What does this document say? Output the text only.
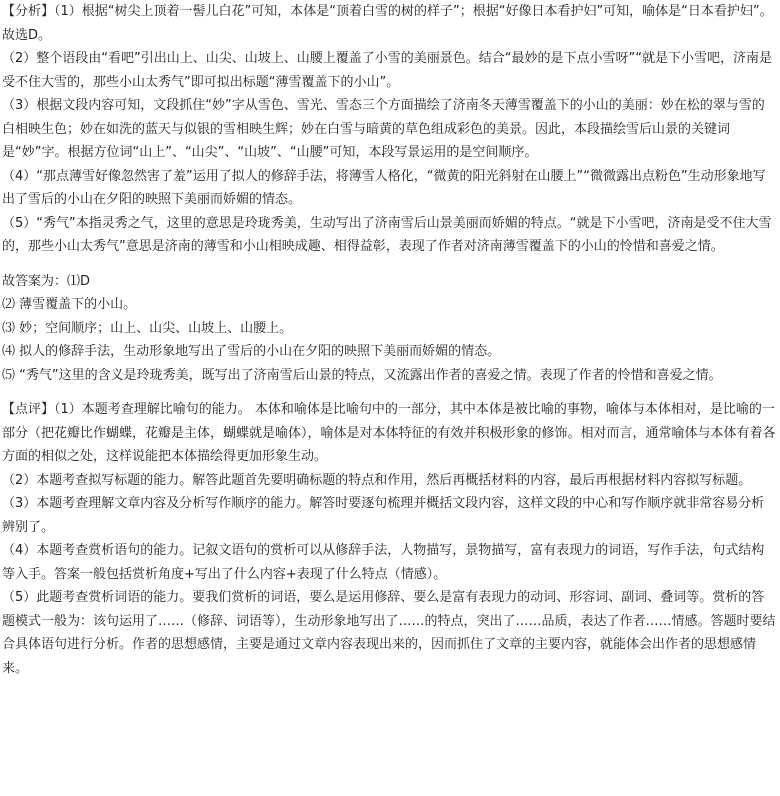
【分析】（1）根据“树尖上顶着一髻儿白花”可知，本体是“顶着白雪的树的样子”；根据“好像日本看护妇”可知，喻体是“日本看护妇”。故选D。

（2）整个语段由“看吧”引出山上、山尖、山坡上、山腰上覆盖了小雪的美丽景色。结合“最妙的是下点小雪呀”“就是下小雪吧，济南是受不住大雪的，那些小山太秀气”即可拟出标题“薄雪覆盖下的小山”。

（3）根据文段内容可知，文段抓住“妙”字从雪色、雪光、雪态三个方面描绘了济南冬天薄雪覆盖下的小山的美丽：妙在松的翠与雪的白相映生色；妙在如洗的蓝天与似银的雪相映生辉；妙在白雪与暗黄的草色组成彩色的美景。因此，本段描绘雪后山景的关键词是“妙”字。根据方位词“山上”、“山尖”、“山坡”、“山腰”可知，本段写景运用的是空间顺序。

（4）“那点薄雪好像忽然害了羞”运用了拟人的修辞手法，将薄雪人格化，“微黄的阳光斜射在山腰上”“微微露出点粉色”生动形象地写出了雪后的小山在夕阳的映照下美丽而娇媚的情态。

（5）“秀气”本指灵秀之气，这里的意思是玲珑秀美，生动写出了济南雪后山景美丽而娇媚的特点。“就是下小雪吧，济南是受不住大雪的，那些小山太秀气”意思是济南的薄雪和小山相映成趣、相得益彰，表现了作者对济南薄雪覆盖下的小山的怜惜和喜爱之情。

故答案为：⑴D

⑵ 薄雪覆盖下的小山。

⑶ 妙；空间顺序；山上、山尖、山坡上、山腰上。

⑷ 拟人的修辞手法，生动形象地写出了雪后的小山在夕阳的映照下美丽而娇媚的情态。

⑸ “秀气”这里的含义是玲珑秀美，既写出了济南雪后山景的特点，又流露出作者的喜爱之情。表现了作者的怜惜和喜爱之情。

【点评】（1）本题考查理解比喻句的能力。 本体和喻体是比喻句中的一部分，其中本体是被比喻的事物，喻体与本体相对，是比喻的一部分（把花瓣比作蝴蝶，花瓣是主体，蝴蝶就是喻体），喻体是对本体特征的有效并积极形象的修饰。相对而言，通常喻体与本体有着各方面的相似之处，这样说能把本体描绘得更加形象生动。

（2）本题考查拟写标题的能力。解答此题首先要明确标题的特点和作用，然后再概括材料的内容，最后再根据材料内容拟写标题。

（3）本题考查理解文章内容及分析写作顺序的能力。解答时要逐句梳理并概括文段内容，这样文段的中心和写作顺序就非常容易分析辨别了。

（4）本题考查赏析语句的能力。记叙文语句的赏析可以从修辞手法，人物描写，景物描写，富有表现力的词语，写作手法，句式结构等入手。答案一般包括赏析角度+写出了什么内容+表现了什么特点（情感）。

（5）此题考查赏析词语的能力。要我们赏析的词语，要么是运用修辞、要么是富有表现力的动词、形容词、副词、叠词等。赏析的答题模式一般为：该句运用了……（修辞、词语等），生动形象地写出了……的特点，突出了……品质，表达了作者……情感。答题时要结合具体语句进行分析。作者的思想感情，主要是通过文章内容表现出来的，因而抓住了文章的主要内容，就能体会出作者的思想感情来。
